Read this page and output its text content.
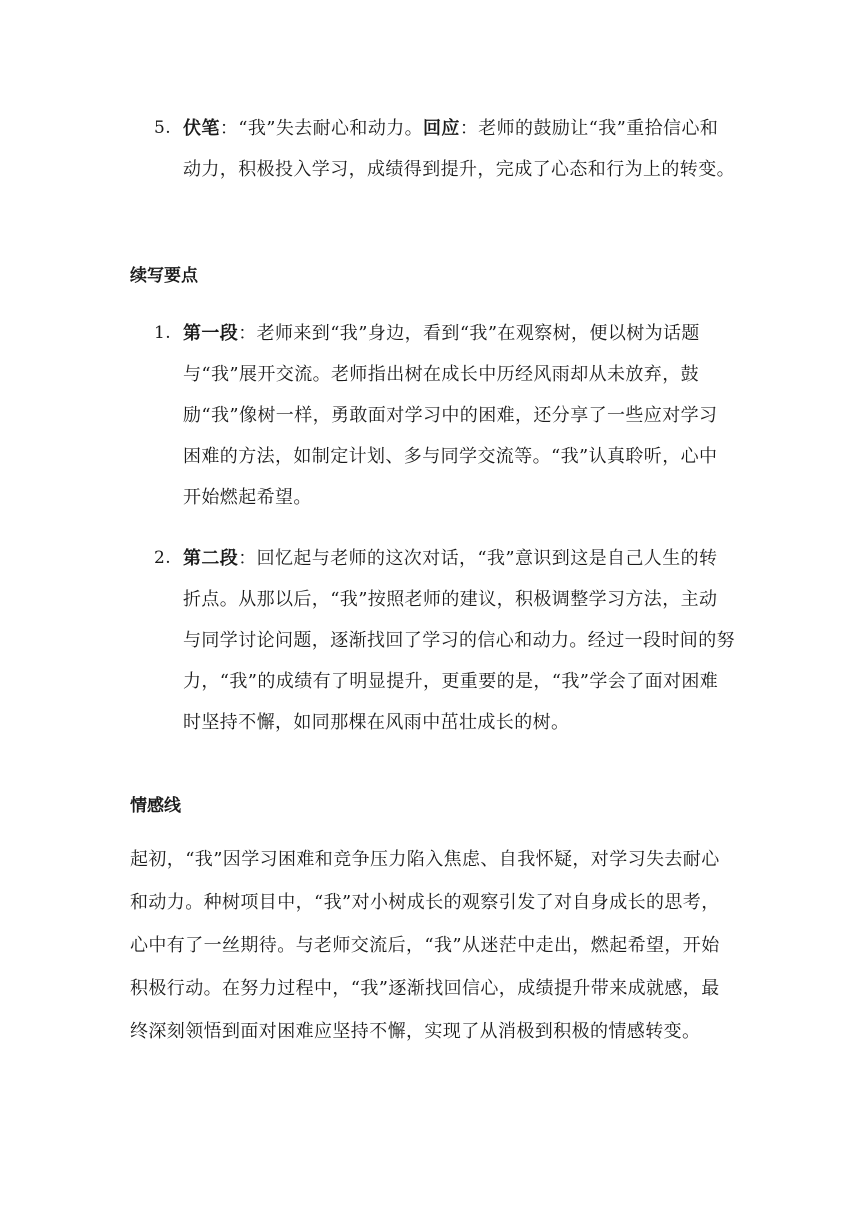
5. 伏笔：“我”失去耐心和动力。回应：老师的鼓励让“我”重拾信心和动力，积极投入学习，成绩得到提升，完成了心态和行为上的转变。
续写要点
1. 第一段：老师来到“我”身边，看到“我”在观察树，便以树为话题与“我”展开交流。老师指出树在成长中历经风雨却从未放弃，鼓励“我”像树一样，勇敢面对学习中的困难，还分享了一些应对学习困难的方法，如制定计划、多与同学交流等。“我”认真聆听，心中开始燃起希望。
2. 第二段：回忆起与老师的这次对话，“我”意识到这是自己人生的转折点。从那以后，“我”按照老师的建议，积极调整学习方法，主动与同学讨论问题，逐渐找回了学习的信心和动力。经过一段时间的努力，“我”的成绩有了明显提升，更重要的是，“我”学会了面对困难时坚持不懈，如同那棵在风雨中茁壮成长的树。
情感线

起初，“我”因学习困难和竞争压力陷入焦虑、自我怀疑，对学习失去耐心和动力。种树项目中，“我”对小树成长的观察引发了对自身成长的思考，心中有了一丝期待。与老师交流后，“我”从迷茫中走出，燃起希望，开始积极行动。在努力过程中，“我”逐渐找回信心，成绩提升带来成就感，最终深刻领悟到面对困难应坚持不懈，实现了从消极到积极的情感转变。
